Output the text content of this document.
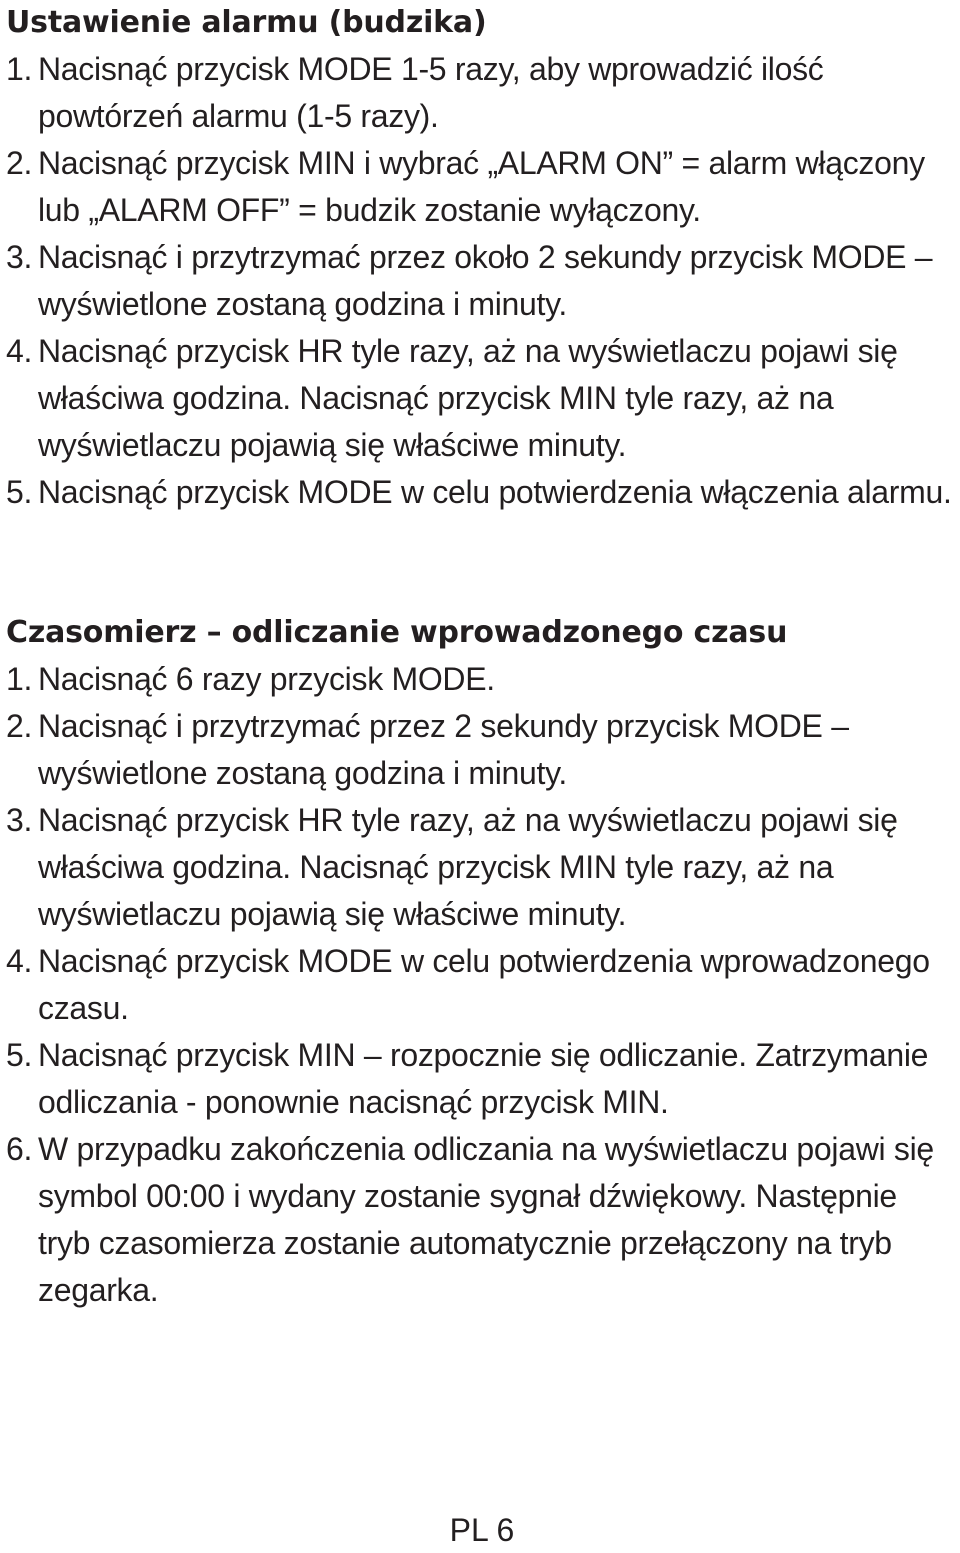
Ustawienie alarmu (budzika)
1. Nacisnąć przycisk MODE 1-5 razy, aby wprowadzić ilość powtórzeń alarmu (1-5 razy).
2. Nacisnąć przycisk MIN i wybrać „ALARM ON” = alarm włączony lub „ALARM OFF” = budzik zostanie wyłączony.
3. Nacisnąć i przytrzymać przez około 2 sekundy przycisk MODE – wyświetlone zostaną godzina i minuty.
4. Nacisnąć przycisk HR tyle razy, aż na wyświetlaczu pojawi się właściwa godzina. Nacisnąć przycisk MIN tyle razy, aż na wyświetlaczu pojawią się właściwe minuty.
5. Nacisnąć przycisk MODE w celu potwierdzenia włączenia alarmu.
Czasomierz – odliczanie wprowadzonego czasu
1. Nacisnąć 6 razy przycisk MODE.
2. Nacisnąć i przytrzymać przez 2 sekundy przycisk MODE – wyświetlone zostaną godzina i minuty.
3. Nacisnąć przycisk HR tyle razy, aż na wyświetlaczu pojawi się właściwa godzina. Nacisnąć przycisk MIN tyle razy, aż na wyświetlaczu pojawią się właściwe minuty.
4. Nacisnąć przycisk MODE w celu potwierdzenia wprowadzonego czasu.
5. Nacisnąć przycisk MIN – rozpocznie się odliczanie. Zatrzymanie odliczania - ponownie nacisnąć przycisk MIN.
6. W przypadku zakończenia odliczania na wyświetlaczu pojawi się symbol 00:00 i wydany zostanie sygnał dźwiękowy. Następnie tryb czasomierza zostanie automatycznie przełączony na tryb zegarka.
PL 6
